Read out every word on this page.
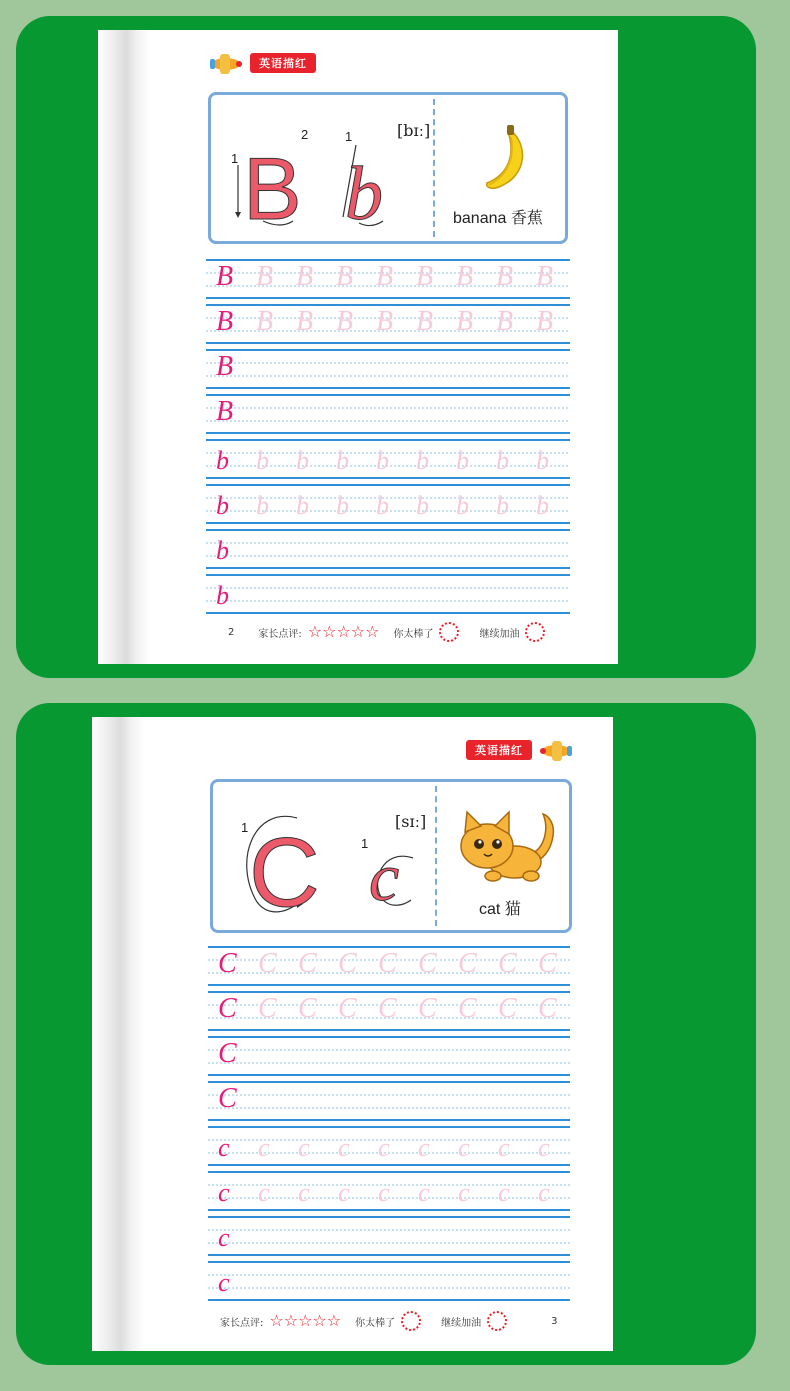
英语描红
1
2	1
B b
[bɪː]
banana 香蕉
B B B B B B B B B
B B B B B B B B B
B
B
b b b b b b b b b
b b b b b b b b b
b
b
2 家长点评: ☆☆☆☆☆ 你太棒了	继续加油
英语描红
1
1
C c
[sɪː]
cat 猫
C C C C C C C C C
C C C C C C C C C
C
C
c c c c c c c c c
c c c c c c c c c
c
c
家长点评: ☆☆☆☆☆ 你太棒了	继续加油	3
